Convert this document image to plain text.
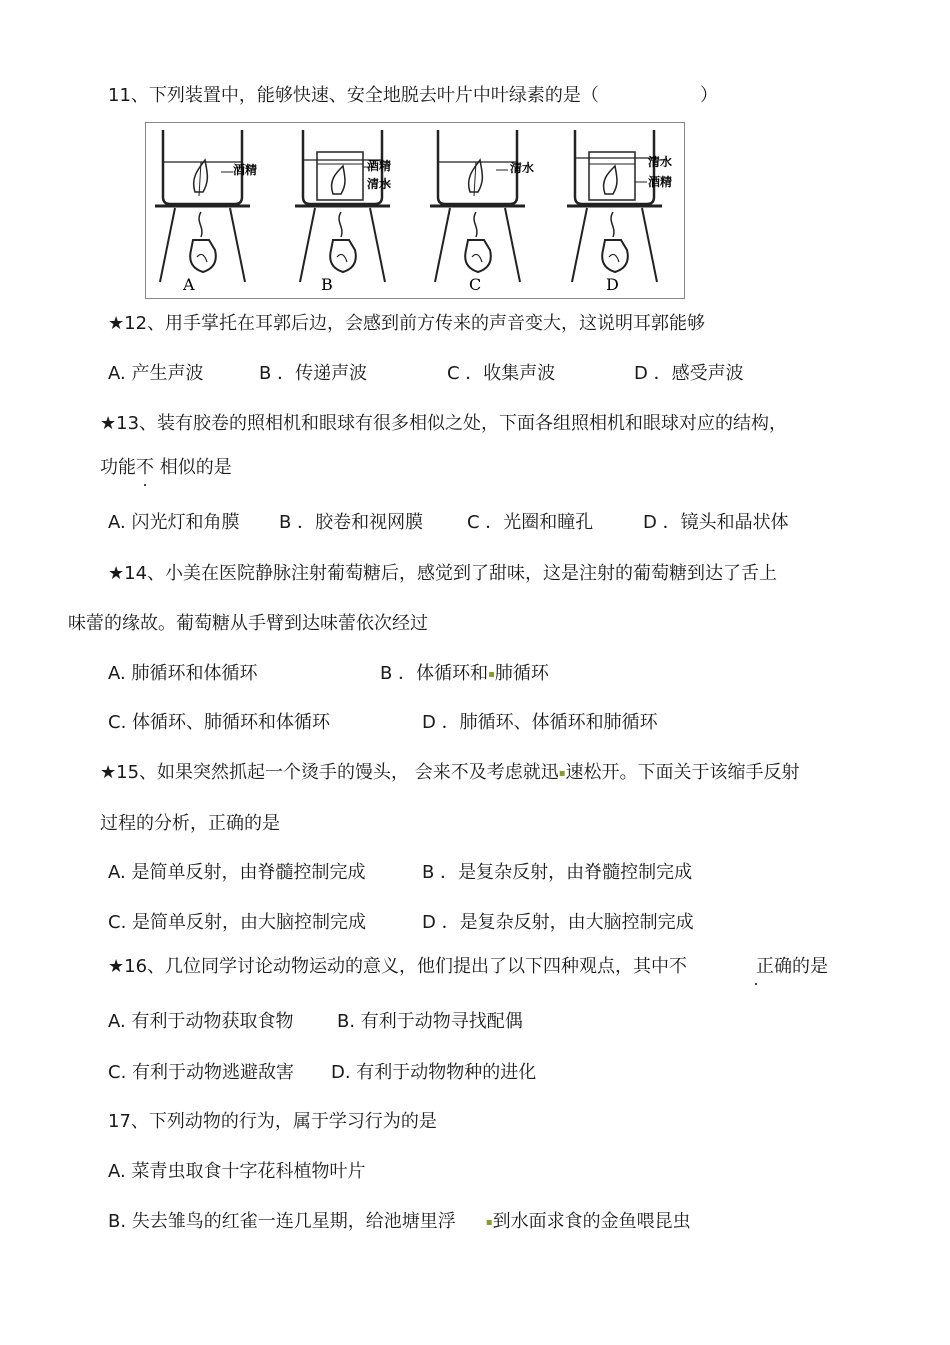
11、下列装置中，能够快速、安全地脱去叶片中叶绿素的是（	）
酒精	酒精
清水
清水	清水
酒精
A	B	C	D
★12、用手掌托在耳郭后边，会感到前方传来的声音变大，这说明耳郭能够
A. 产生声波	B ．传递声波	C ．收集声波	D ．感受声波
★13、装有胶卷的照相机和眼球有很多相似之处，下面各组照相机和眼球对应的结构，
功能不 相似的是
A. 闪光灯和角膜 B ．胶卷和视网膜 C ．光圈和瞳孔	D ．镜头和晶状体
★14、小美在医院静脉注射葡萄糖后，感觉到了甜味，这是注射的葡萄糖到达了舌上
味蕾的缘故。葡萄糖从手臂到达味蕾依次经过
A. 肺循环和体循环	B ．体循环和▪肺循环
C. 体循环、肺循环和体循环	D ．肺循环、体循环和肺循环
★15、如果突然抓起一个烫手的馒头， 会来不及考虑就迅▪速松开。下面关于该缩手反射
过程的分析，正确的是
A. 是简单反射，由脊髓控制完成	B ．是复杂反射，由脊髓控制完成
C. 是简单反射，由大脑控制完成	D ．是复杂反射，由大脑控制完成
★16、几位同学讨论动物运动的意义，他们提出了以下四种观点，其中不	正确的是
A. 有利于动物获取食物 B. 有利于动物寻找配偶
C. 有利于动物逃避敌害 D. 有利于动物物种的进化
17、下列动物的行为，属于学习行为的是
A. 菜青虫取食十字花科植物叶片
B. 失去雏鸟的红雀一连几星期，给池塘里浮	▪到水面求食的金鱼喂昆虫
